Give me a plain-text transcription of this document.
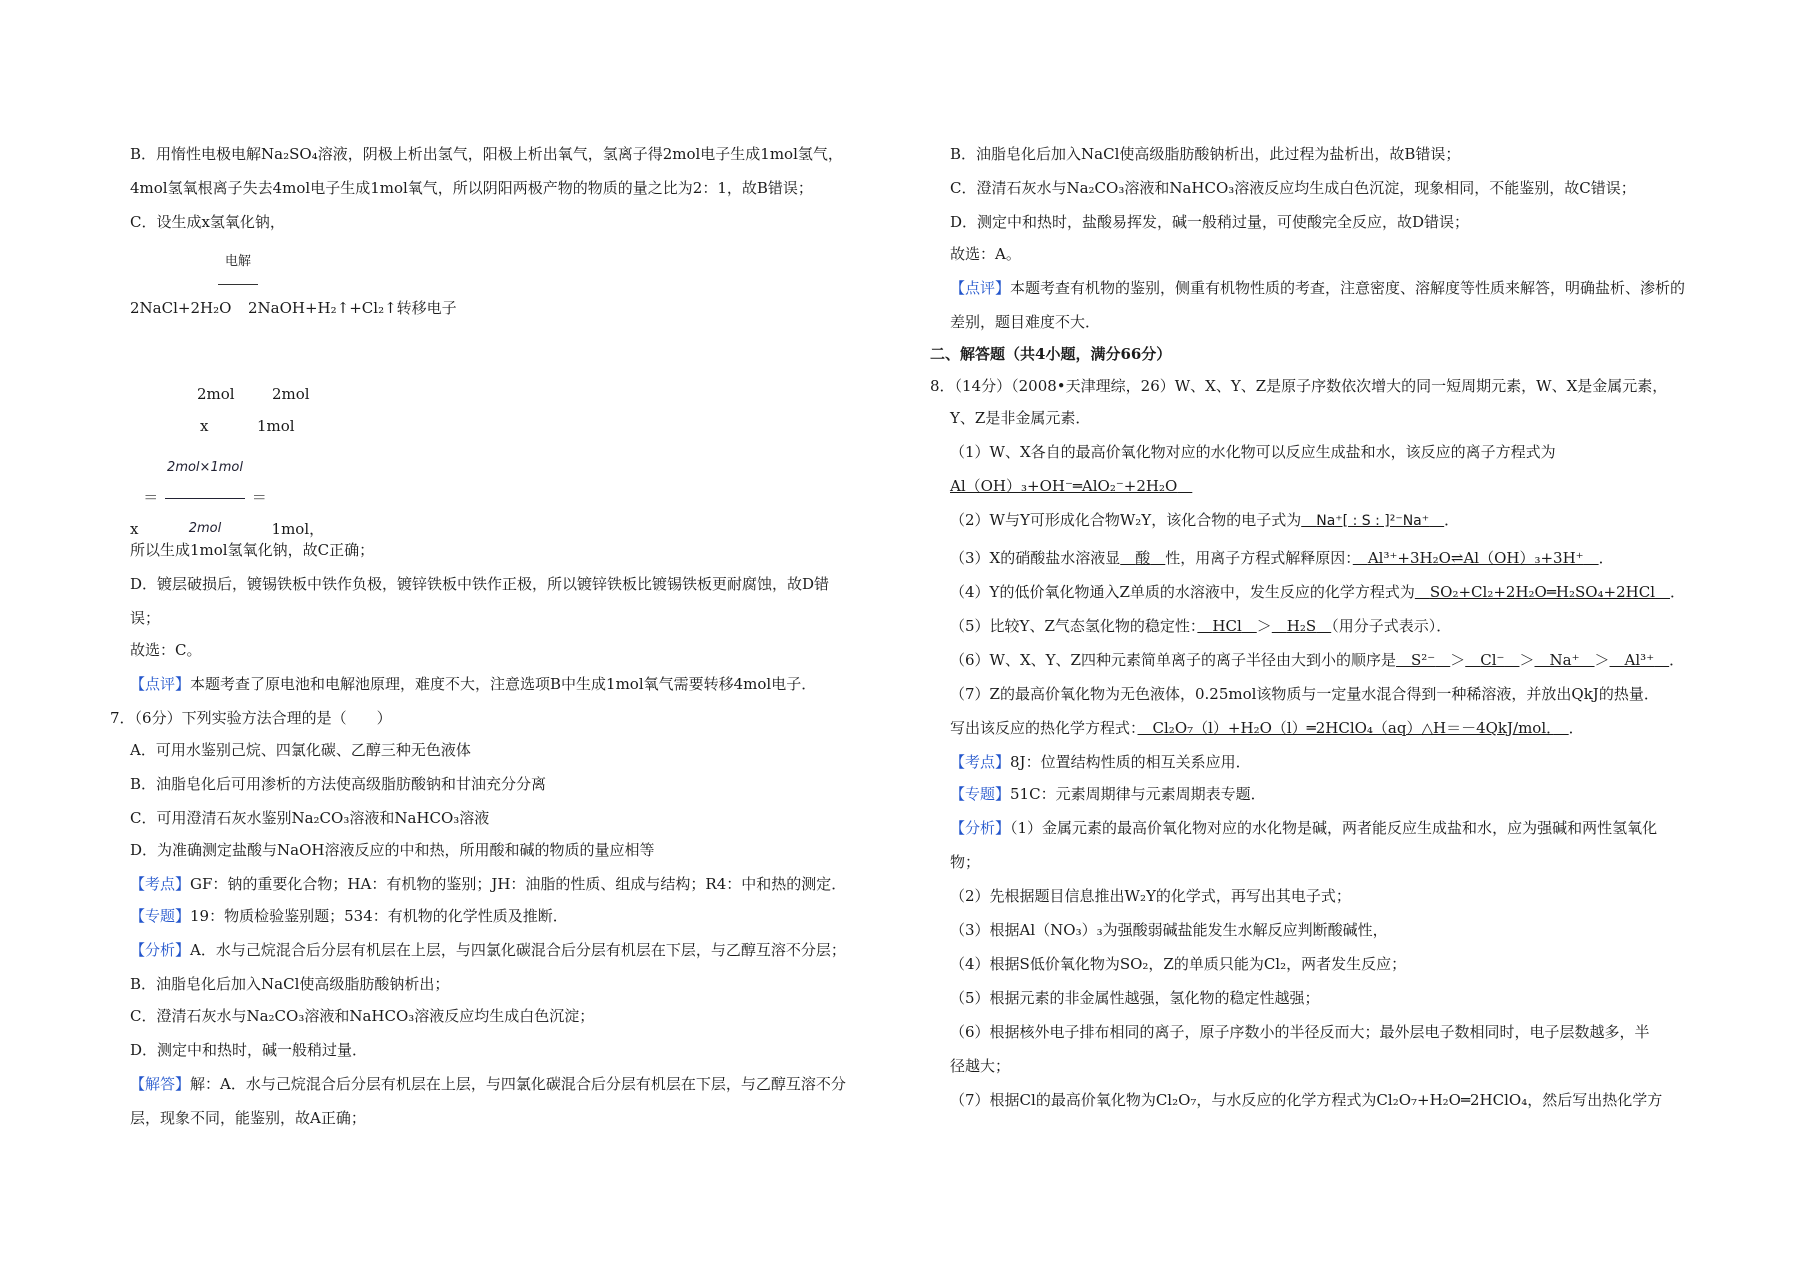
B．用惰性电极电解Na₂SO₄溶液，阴极上析出氢气，阳极上析出氧气，氢离子得2mol电子生成1mol氢气，
4mol氢氧根离子失去4mol电子生成1mol氧气，所以阴阳两极产物的物质的量之比为2：1，故B错误；
C．设生成x氢氧化钠，
电解
2NaCl+2H₂O 2NaOH+H₂↑+Cl₂↑转移电子
2mol 2mol
x	1mol
$x = \frac{\text{2mol×1mol}}{\text{2mol}} = 1mol$，
所以生成1mol氢氧化钠，故C正确；
D．镀层破损后，镀锡铁板中铁作负极，镀锌铁板中铁作正极，所以镀锌铁板比镀锡铁板更耐腐蚀，故D错
误；
故选：C。
【点评】本题考查了原电池和电解池原理，难度不大，注意选项B中生成1mol氧气需要转移4mol电子．
7．（6分）下列实验方法合理的是（　　）
A．可用水鉴别己烷、四氯化碳、乙醇三种无色液体
B．油脂皂化后可用渗析的方法使高级脂肪酸钠和甘油充分分离
C．可用澄清石灰水鉴别Na₂CO₃溶液和NaHCO₃溶液
D．为准确测定盐酸与NaOH溶液反应的中和热，所用酸和碱的物质的量应相等
【考点】GF：钠的重要化合物；HA：有机物的鉴别；JH：油脂的性质、组成与结构；R4：中和热的测定．
【专题】19：物质检验鉴别题；534：有机物的化学性质及推断．
【分析】A．水与己烷混合后分层有机层在上层，与四氯化碳混合后分层有机层在下层，与乙醇互溶不分层；
B．油脂皂化后加入NaCl使高级脂肪酸钠析出；
C．澄清石灰水与Na₂CO₃溶液和NaHCO₃溶液反应均生成白色沉淀；
D．测定中和热时，碱一般稍过量．
【解答】解：A．水与己烷混合后分层有机层在上层，与四氯化碳混合后分层有机层在下层，与乙醇互溶不分
层，现象不同，能鉴别，故A正确；
B．油脂皂化后加入NaCl使高级脂肪酸钠析出，此过程为盐析出，故B错误；
C．澄清石灰水与Na₂CO₃溶液和NaHCO₃溶液反应均生成白色沉淀，现象相同，不能鉴别，故C错误；
D．测定中和热时，盐酸易挥发，碱一般稍过量，可使酸完全反应，故D错误；
故选：A。
【点评】本题考查有机物的鉴别，侧重有机物性质的考查，注意密度、溶解度等性质来解答，明确盐析、渗析的
差别，题目难度不大．
二、解答题（共4小题，满分66分）
8．（14分）（2008•天津理综，26）W、X、Y、Z是原子序数依次增大的同一短周期元素，W、X是金属元素，
Y、Z是非金属元素．
（1）W、X各自的最高价氧化物对应的水化物可以反应生成盐和水，该反应的离子方程式为
Al（OH）₃+OH⁻═AlO₂⁻+2H₂O　
（2）W与Y可形成化合物W₂Y，该化合物的电子式为　 Na⁺[ : S : ]²⁻Na⁺　 ．
（3）X的硝酸盐水溶液显　 酸　 性，用离子方程式解释原因：　 Al³⁺+3H₂O⇌Al（OH）₃+3H⁺　 ．
（4）Y的低价氧化物通入Z单质的水溶液中，发生反应的化学方程式为　 SO₂+Cl₂+2H₂O═H₂SO₄+2HCl　 ．
（5）比较Y、Z气态氢化物的稳定性：　 HCl　 ＞　 H₂S　 （用分子式表示）．
（6）W、X、Y、Z四种元素简单离子的离子半径由大到小的顺序是　 S²⁻　 ＞　 Cl⁻　 ＞　 Na⁺　 ＞　 Al³⁺　 ．
（7）Z的最高价氧化物为无色液体，0.25mol该物质与一定量水混合得到一种稀溶液，并放出QkJ的热量．
写出该反应的热化学方程式：　 Cl₂O₇（l）+H₂O（l）═2HClO₄（aq）△H＝－4QkJ/mol．　 ．
【考点】8J：位置结构性质的相互关系应用．
【专题】51C：元素周期律与元素周期表专题．
【分析】（1）金属元素的最高价氧化物对应的水化物是碱，两者能反应生成盐和水，应为强碱和两性氢氧化
物；
（2）先根据题目信息推出W₂Y的化学式，再写出其电子式；
（3）根据Al（NO₃）₃为强酸弱碱盐能发生水解反应判断酸碱性，
（4）根据S低价氧化物为SO₂，Z的单质只能为Cl₂，两者发生反应；
（5）根据元素的非金属性越强，氢化物的稳定性越强；
（6）根据核外电子排布相同的离子，原子序数小的半径反而大；最外层电子数相同时，电子层数越多，半
径越大；
（7）根据Cl的最高价氧化物为Cl₂O₇，与水反应的化学方程式为Cl₂O₇+H₂O═2HClO₄，然后写出热化学方
